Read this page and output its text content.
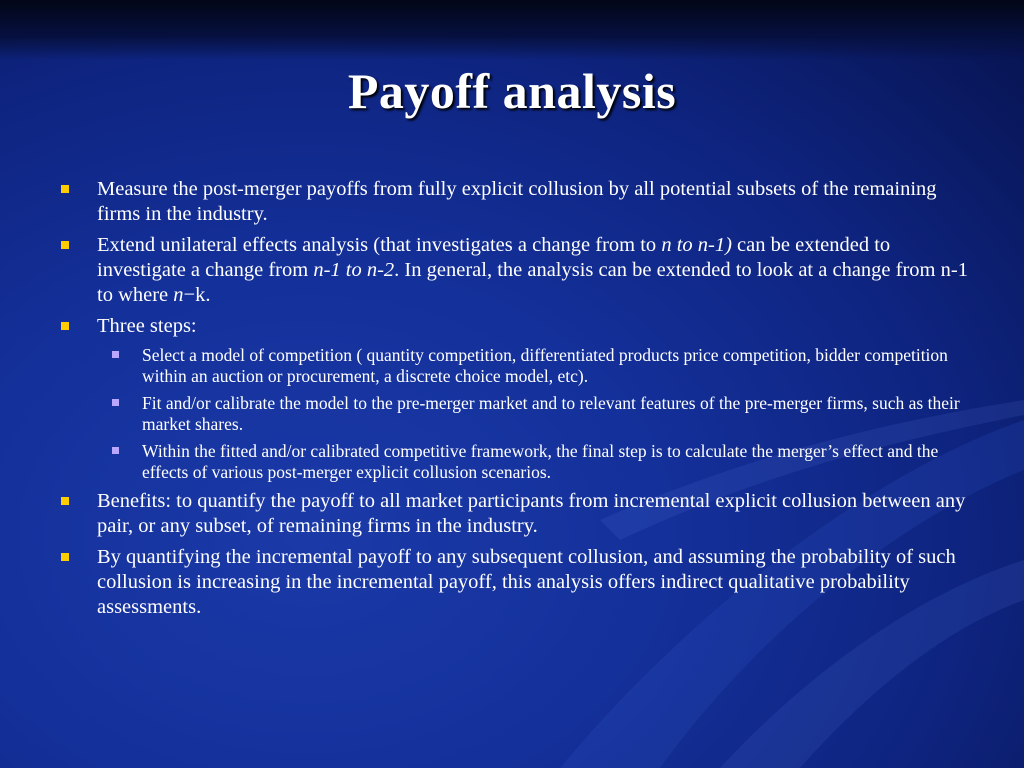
Payoff analysis
Measure the post-merger payoffs from fully explicit collusion by all potential subsets of the remaining firms in the industry.
Extend unilateral effects analysis (that investigates a change from to n to n-1) can be extended to investigate a change from n-1 to n-2. In general, the analysis can be extended to look at a change from n-1 to where n−k.
Three steps:
Select a model of competition ( quantity competition, differentiated products price competition, bidder competition within an auction or procurement, a discrete choice model, etc).
Fit and/or calibrate the model to the pre-merger market and to relevant features of the pre-merger firms, such as their market shares.
Within the fitted and/or calibrated competitive framework, the final step is to calculate the merger’s effect and the effects of various post-merger explicit collusion scenarios.
Benefits: to quantify the payoff to all market participants from incremental explicit collusion between any pair, or any subset, of remaining firms in the industry.
By quantifying the incremental payoff to any subsequent collusion, and assuming the probability of such collusion is increasing in the incremental payoff, this analysis offers indirect qualitative probability assessments.
